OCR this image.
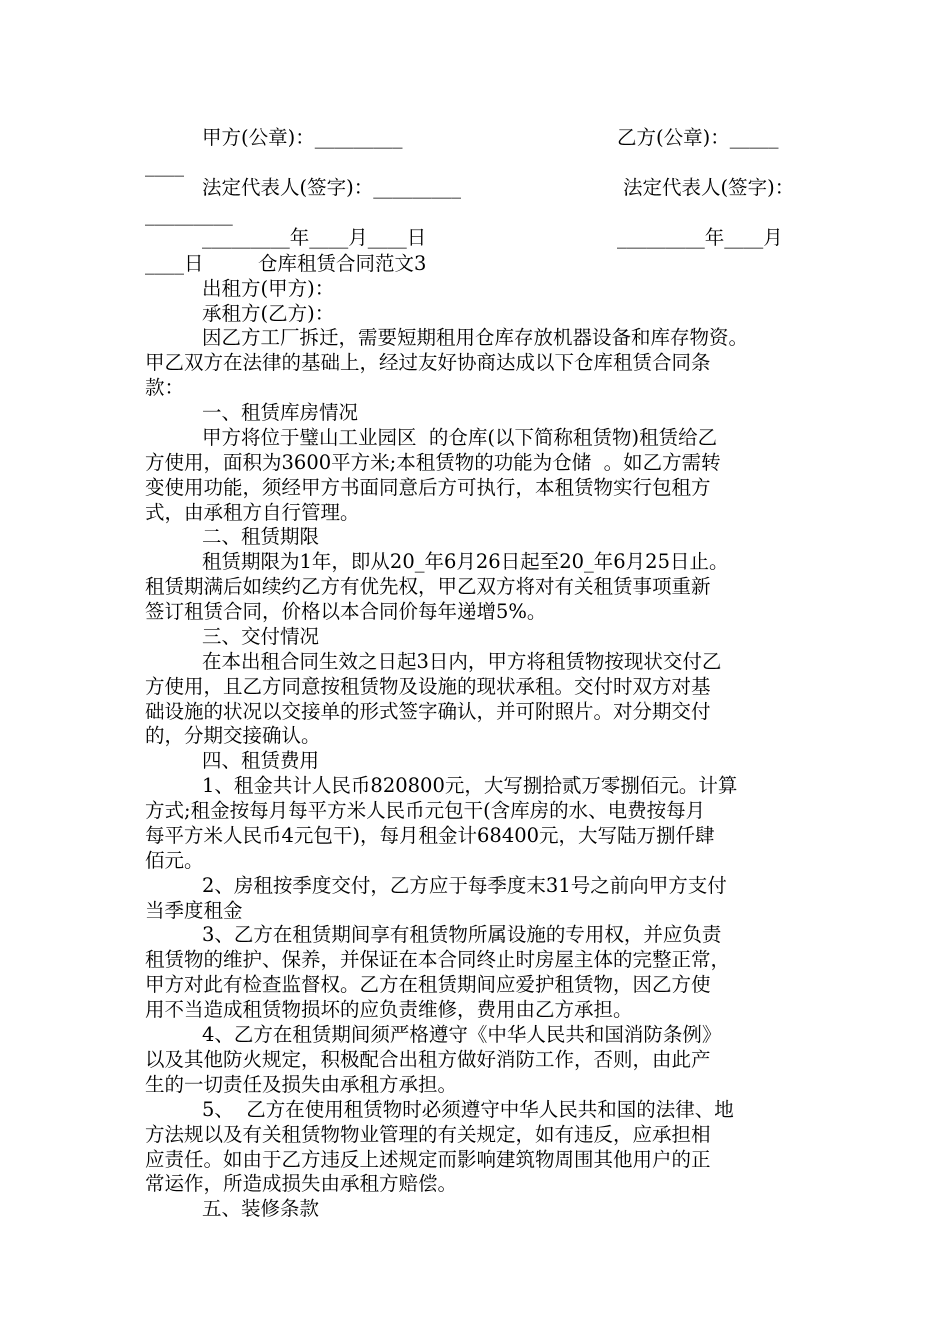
甲方(公章)：_________	乙方(公章)：_____
____
法定代表人(签字)：_________	法定代表人(签字)：
_________
_________年____月____日	_________年____月
____日	仓库租赁合同范文3
出租方(甲方)：
承租方(乙方)：
因乙方工厂拆迁，需要短期租用仓库存放机器设备和库存物资。
甲乙双方在法律的基础上，经过友好协商达成以下仓库租赁合同条
款：
一、租赁库房情况
甲方将位于璧山工业园区  的仓库(以下简称租赁物)租赁给乙
方使用，面积为3600平方米;本租赁物的功能为仓储  。如乙方需转
变使用功能，须经甲方书面同意后方可执行，本租赁物实行包租方
式，由承租方自行管理。
二、租赁期限
租赁期限为1年，即从20_年6月26日起至20_年6月25日止。
租赁期满后如续约乙方有优先权，甲乙双方将对有关租赁事项重新
签订租赁合同，价格以本合同价每年递增5%。
三、交付情况
在本出租合同生效之日起3日内，甲方将租赁物按现状交付乙
方使用，且乙方同意按租赁物及设施的现状承租。交付时双方对基
础设施的状况以交接单的形式签字确认，并可附照片。对分期交付
的，分期交接确认。
四、租赁费用
1、租金共计人民币820800元，大写捌拾贰万零捌佰元。计算
方式;租金按每月每平方米人民币元包干(含库房的水、电费按每月
每平方米人民币4元包干)，每月租金计68400元，大写陆万捌仟肆
佰元。
2、房租按季度交付，乙方应于每季度末31号之前向甲方支付
当季度租金
3、乙方在租赁期间享有租赁物所属设施的专用权，并应负责
租赁物的维护、保养，并保证在本合同终止时房屋主体的完整正常，
甲方对此有检查监督权。乙方在租赁期间应爱护租赁物，因乙方使
用不当造成租赁物损坏的应负责维修，费用由乙方承担。
4、乙方在租赁期间须严格遵守《中华人民共和国消防条例》
以及其他防火规定，积极配合出租方做好消防工作，否则，由此产
生的一切责任及损失由承租方承担。
5、  乙方在使用租赁物时必须遵守中华人民共和国的法律、地
方法规以及有关租赁物物业管理的有关规定，如有违反，应承担相
应责任。如由于乙方违反上述规定而影响建筑物周围其他用户的正
常运作，所造成损失由承租方赔偿。
五、装修条款
